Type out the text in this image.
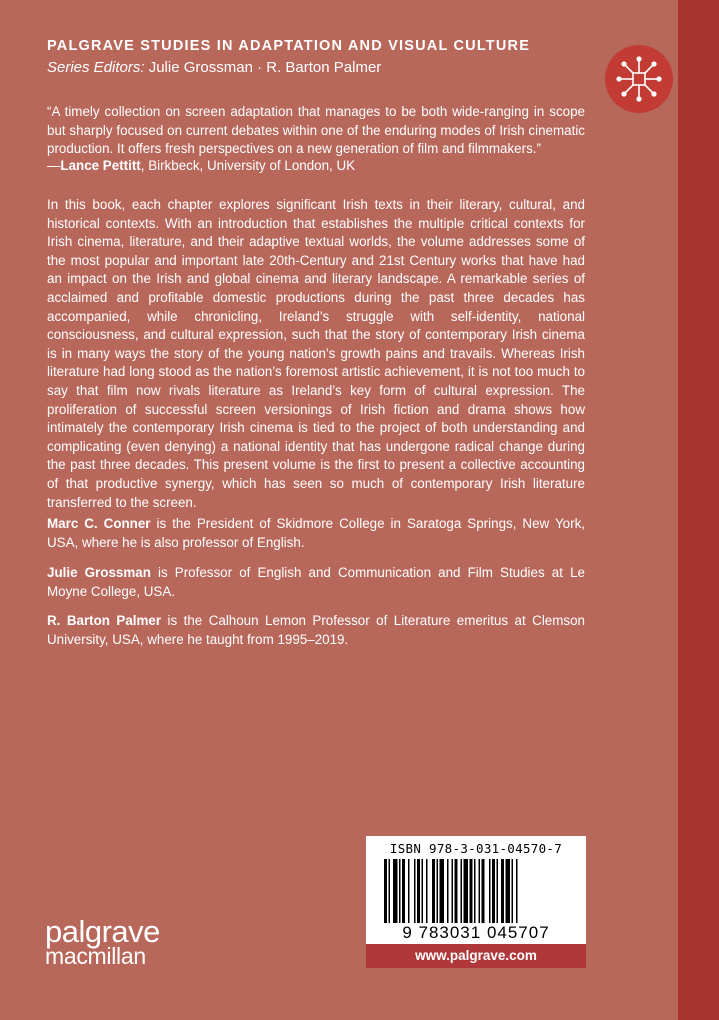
PALGRAVE STUDIES IN ADAPTATION AND VISUAL CULTURE
Series Editors: Julie Grossman · R. Barton Palmer
“A timely collection on screen adaptation that manages to be both wide-ranging in scope but sharply focused on current debates within one of the enduring modes of Irish cinematic production. It offers fresh perspectives on a new generation of film and filmmakers.”
—Lance Pettitt, Birkbeck, University of London, UK
In this book, each chapter explores significant Irish texts in their literary, cultural, and historical contexts. With an introduction that establishes the multiple critical contexts for Irish cinema, literature, and their adaptive textual worlds, the volume addresses some of the most popular and important late 20th-Century and 21st Century works that have had an impact on the Irish and global cinema and literary landscape. A remarkable series of acclaimed and profitable domestic productions during the past three decades has accompanied, while chronicling, Ireland’s struggle with self-identity, national consciousness, and cultural expression, such that the story of contemporary Irish cinema is in many ways the story of the young nation’s growth pains and travails. Whereas Irish literature had long stood as the nation’s foremost artistic achievement, it is not too much to say that film now rivals literature as Ireland’s key form of cultural expression. The proliferation of successful screen versionings of Irish fiction and drama shows how intimately the contemporary Irish cinema is tied to the project of both understanding and complicating (even denying) a national identity that has undergone radical change during the past three decades. This present volume is the first to present a collective accounting of that productive synergy, which has seen so much of contemporary Irish literature transferred to the screen.
Marc C. Conner is the President of Skidmore College in Saratoga Springs, New York, USA, where he is also professor of English.
Julie Grossman is Professor of English and Communication and Film Studies at Le Moyne College, USA.
R. Barton Palmer is the Calhoun Lemon Professor of Literature emeritus at Clemson University, USA, where he taught from 1995–2019.
ISBN 978-3-031-04570-7
9 783031 045707
www.palgrave.com
palgrave
macmillan
